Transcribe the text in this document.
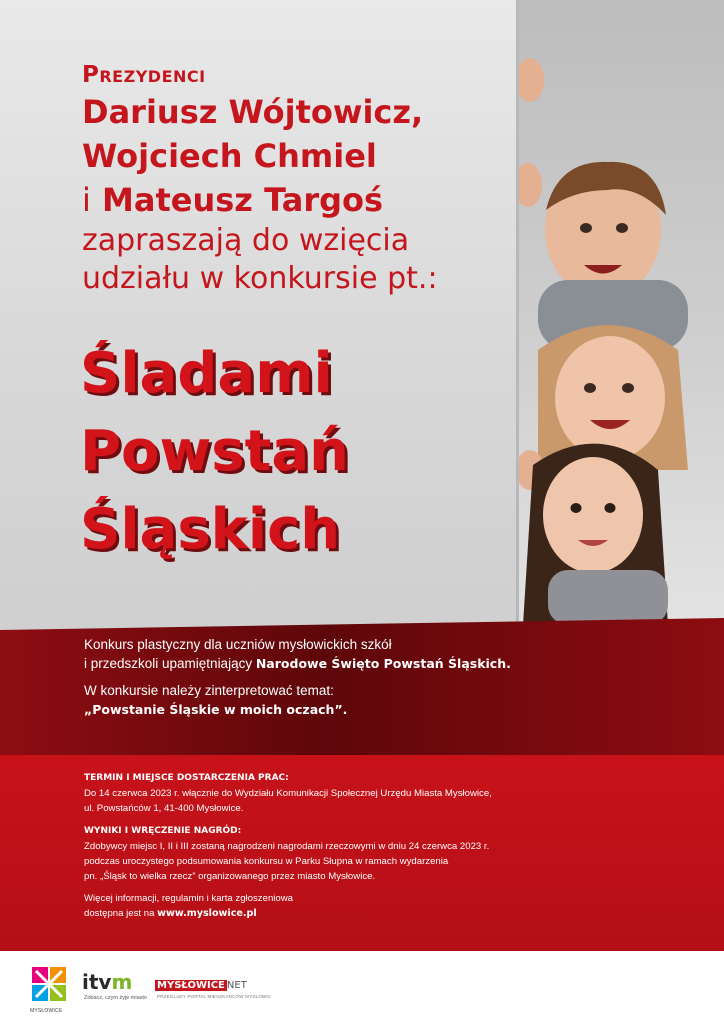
Prezydenci
Dariusz Wójtowicz,
Wojciech Chmiel
i Mateusz Targoś
zapraszają do wzięcia
udziału w konkursie pt.:
Śladami
Powstań
Śląskich

Konkurs plastyczny dla uczniów mysłowickich szkół
i przedszkoli upamiętniający Narodowe Święto Powstań Śląskich.

W konkursie należy zinterpretować temat:
„Powstanie Śląskie w moich oczach”.

TERMIN I MIEJSCE DOSTARCZENIA PRAC:
Do 14 czerwca 2023 r. włącznie do Wydziału Komunikacji Społecznej Urzędu Miasta Mysłowice,
ul. Powstańców 1, 41-400 Mysłowice.

WYNIKI I WRĘCZENIE NAGRÓD:
Zdobywcy miejsc I, II i III zostaną nagrodzeni nagrodami rzeczowymi w dniu 24 czerwca 2023 r.
podczas uroczystego podsumowania konkursu w Parku Słupna w ramach wydarzenia
pn. „Śląsk to wielka rzecz” organizowanego przez miasto Mysłowice.

Więcej informacji, regulamin i karta zgłoszeniowa
dostępna jest na www.myslowice.pl

MYSŁOWICE
itvm
Zobacz, czym żyje miasto
MYSŁOWICE NET
PRZEGLĄDY PORTAL MIESZKAŃCÓW MYSŁOWIC
